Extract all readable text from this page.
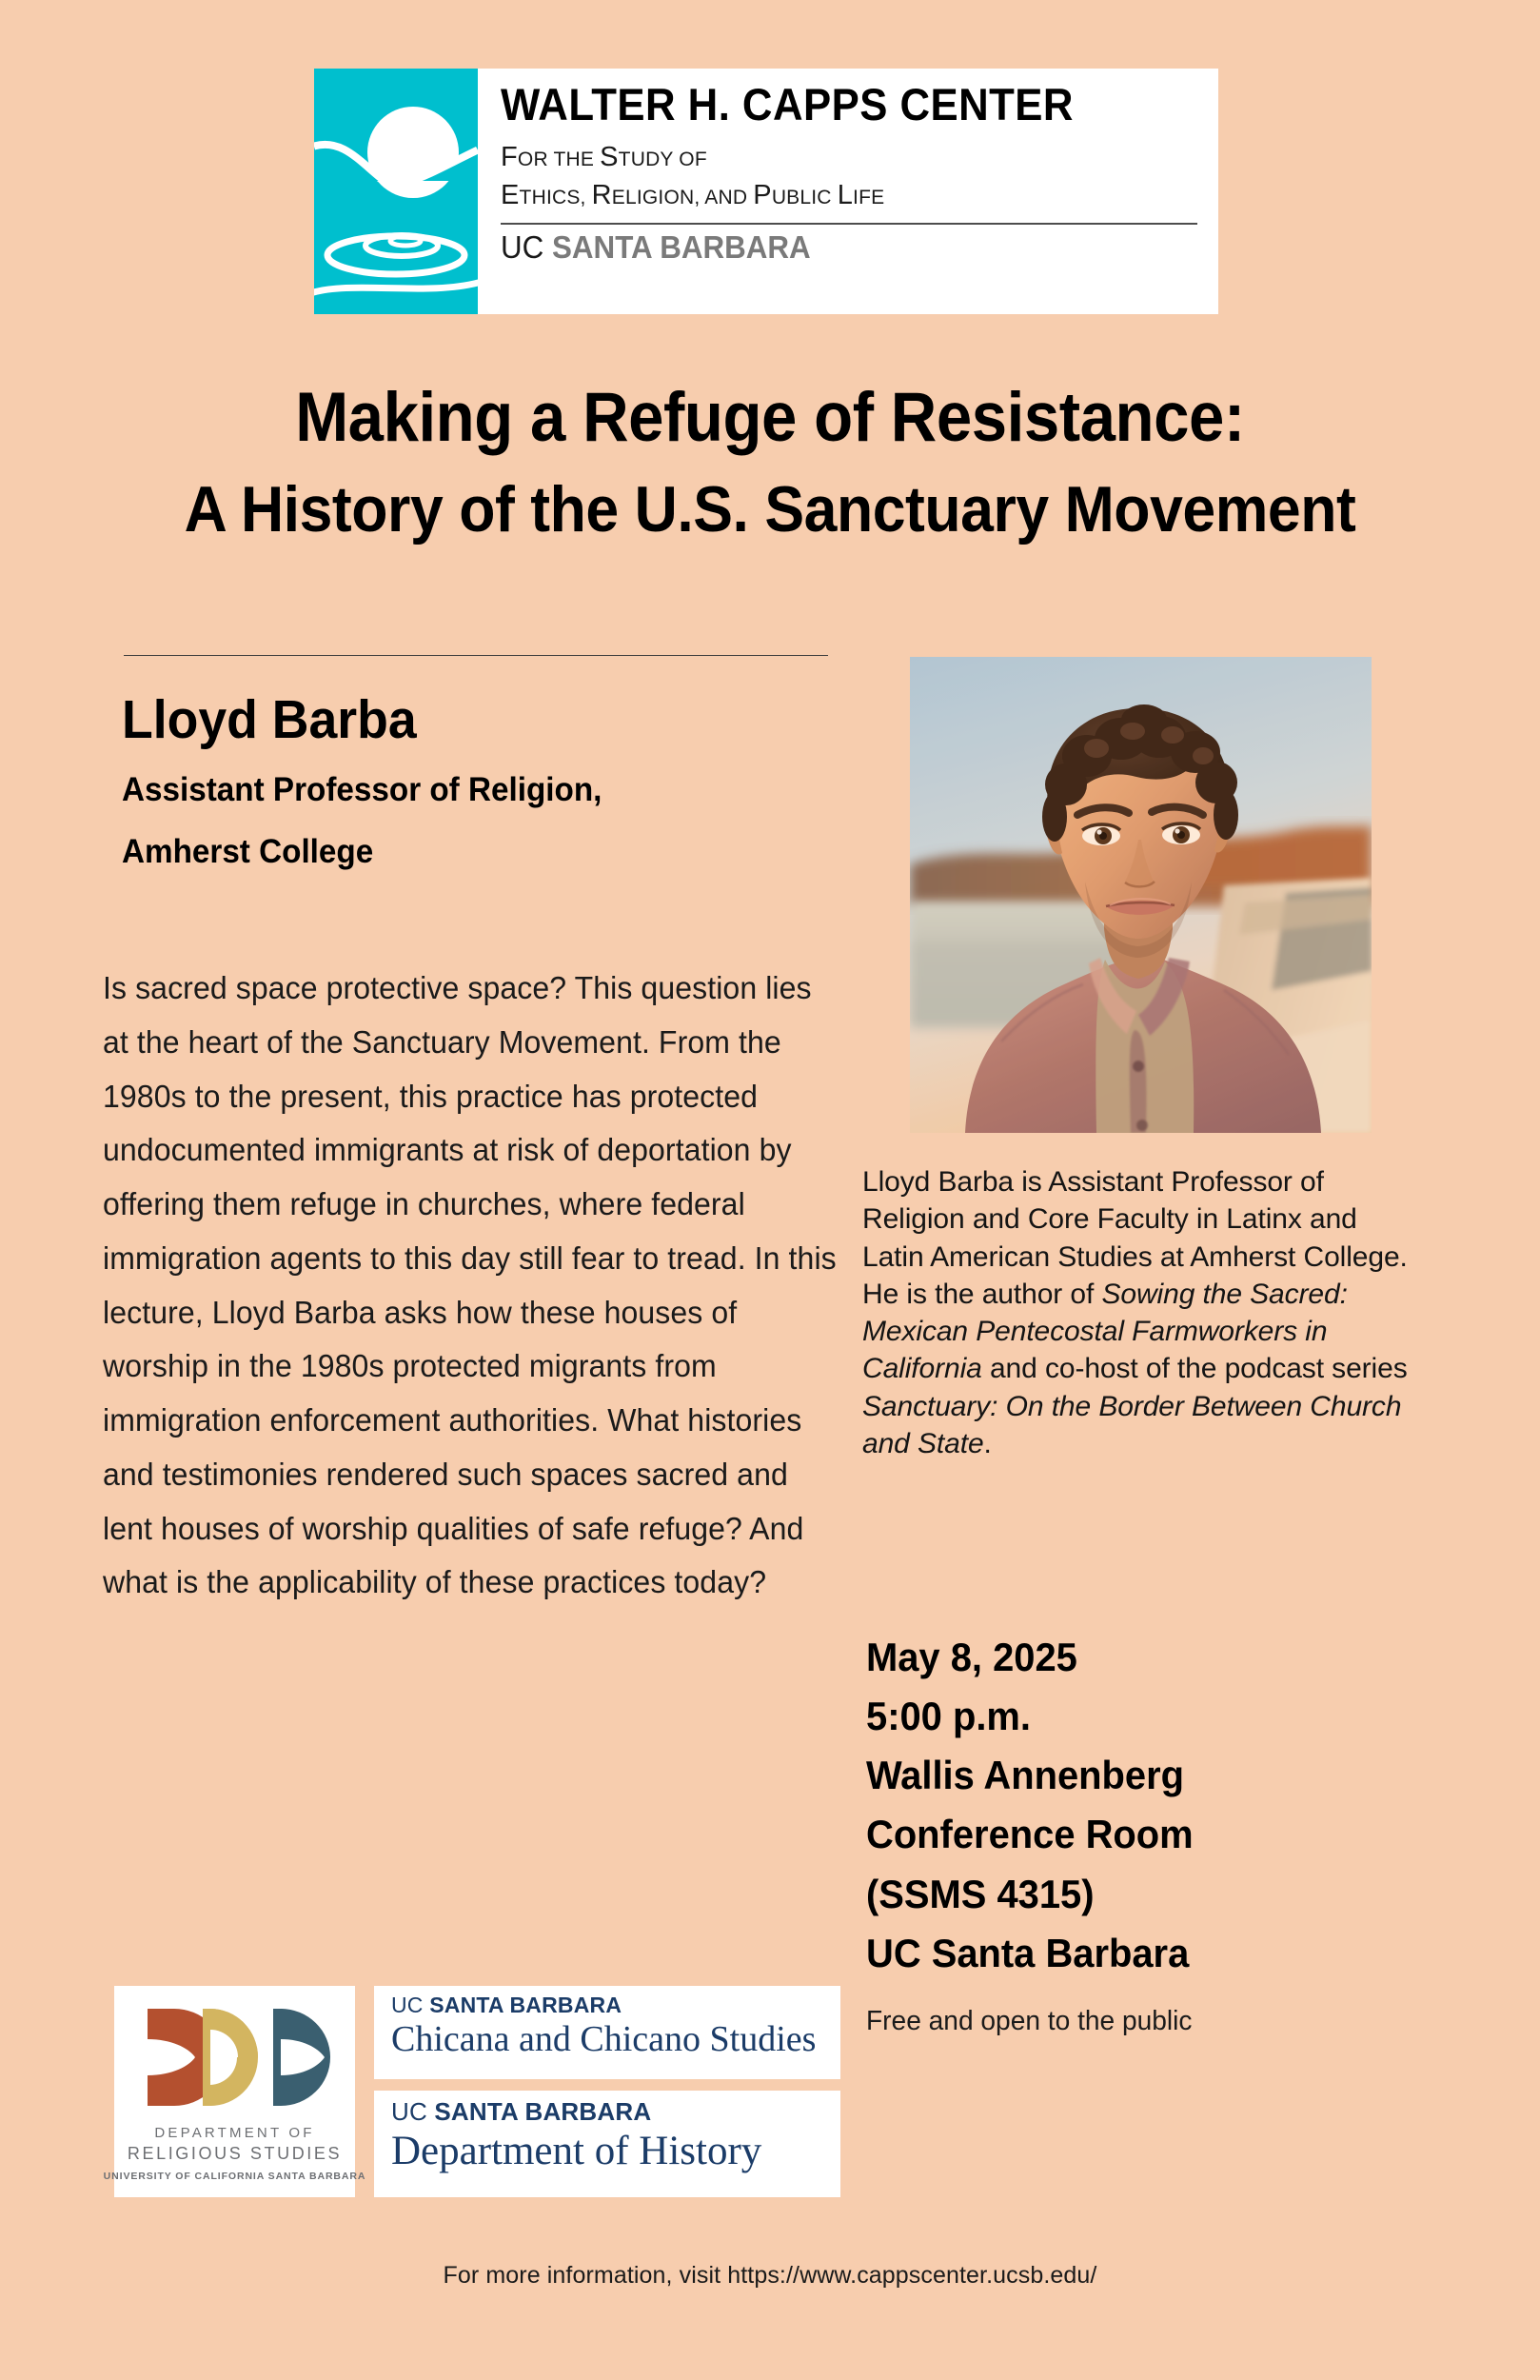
WALTER H. CAPPS CENTER
FOR THE STUDY OF
ETHICS, RELIGION, AND PUBLIC LIFE
UC SANTA BARBARA
Making a Refuge of Resistance:
A History of the U.S. Sanctuary Movement
Lloyd Barba
Assistant Professor of Religion,
Amherst College
Is sacred space protective space? This question lies at the heart of the Sanctuary Movement. From the 1980s to the present, this practice has protected undocumented immigrants at risk of deportation by offering them refuge in churches, where federal immigration agents to this day still fear to tread. In this lecture, Lloyd Barba asks how these houses of worship in the 1980s protected migrants from immigration enforcement authorities. What histories and testimonies rendered such spaces sacred and lent houses of worship qualities of safe refuge? And what is the applicability of these practices today?
Lloyd Barba is Assistant Professor of Religion and Core Faculty in Latinx and Latin American Studies at Amherst College. He is the author of Sowing the Sacred: Mexican Pentecostal Farmworkers in California and co-host of the podcast series Sanctuary: On the Border Between Church and State.
May 8, 2025
5:00 p.m.
Wallis Annenberg
Conference Room
(SSMS 4315)
UC Santa Barbara
Free and open to the public
DEPARTMENT OF
RELIGIOUS STUDIES
UNIVERSITY OF CALIFORNIA SANTA BARBARA
UC SANTA BARBARA
Chicana and Chicano Studies
UC SANTA BARBARA
Department of History
For more information, visit https://www.cappscenter.ucsb.edu/
